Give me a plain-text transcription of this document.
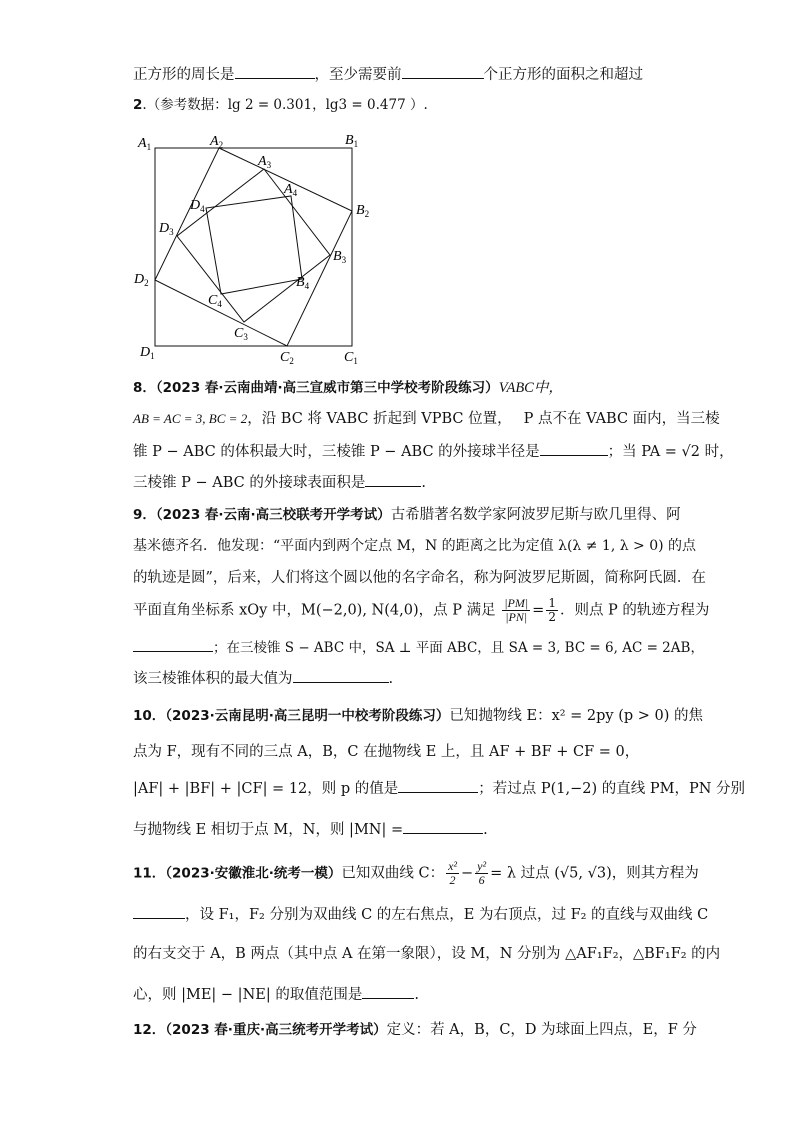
正方形的周长是	，至少需要前	个正方形的面积之和超过
2.（参考数据：lg 2 = 0.301，lg3 = 0.477 ）.
$A_1$	$A_2$
$A_3$
$A_4$
$B_1$
$B_2$
$B_3$
$B_4$
$C_1$
$C_2$
$C_3$
$C_4$
$D_1$
$D_2$
$D_3$
$D_4$
8．（2023 春·云南曲靖·高三宣威市第三中学校考阶段练习）VABC中，
AB = AC = 3, BC = 2，沿 BC 将 VABC 折起到 VPBC 位置， P 点不在 VABC 面内，当三棱
锥 P − ABC 的体积最大时，三棱锥 P − ABC 的外接球半径是	；当 PA = √2 时，
三棱锥 P − ABC 的外接球表面积是	.
9．（2023 春·云南·高三校联考开学考试）古希腊著名数学家阿波罗尼斯与欧几里得、阿
基米德齐名．他发现：“平面内到两个定点 M，N 的距离之比为定值 λ(λ ≠ 1, λ > 0) 的点
的轨迹是圆”，后来，人们将这个圆以他的名字命名，称为阿波罗尼斯圆，简称阿氏圆．在
平面直角坐标系 xOy 中，M(−2,0), N(4,0)，点 P 满足 $\frac{|PM|}{|PN|} = \frac{1}{2}$ ．则点 P 的轨迹方程为
；在三棱锥 S − ABC 中，SA ⊥ 平面 ABC，且 SA = 3, BC = 6, AC = 2AB，
该三棱锥体积的最大值为	.
10．（2023·云南昆明·高三昆明一中校考阶段练习）已知抛物线 E：x² = 2py (p > 0) 的焦
点为 F，现有不同的三点 A，B，C 在抛物线 E 上，且 AF + BF + CF = 0，
|AF| + |BF| + |CF| = 12，则 p 的值是	；若过点 P(1,−2) 的直线 PM，PN 分别
与抛物线 E 相切于点 M，N，则 |MN| =	.
11．（2023·安徽淮北·统考一模）已知双曲线 C： $\frac{\text{x²}}{2} - \frac{\text{y²}}{6} = \lambda$ 过点 (√5, √3)，则其方程为
，设 F₁，F₂ 分别为双曲线 C 的左右焦点，E 为右顶点，过 F₂ 的直线与双曲线 C
的右支交于 A，B 两点（其中点 A 在第一象限），设 M，N 分别为 △AF₁F₂，△BF₁F₂ 的内
心，则 |ME| − |NE| 的取值范围是	.
12．（2023 春·重庆·高三统考开学考试）定义：若 A，B，C，D 为球面上四点，E，F 分
